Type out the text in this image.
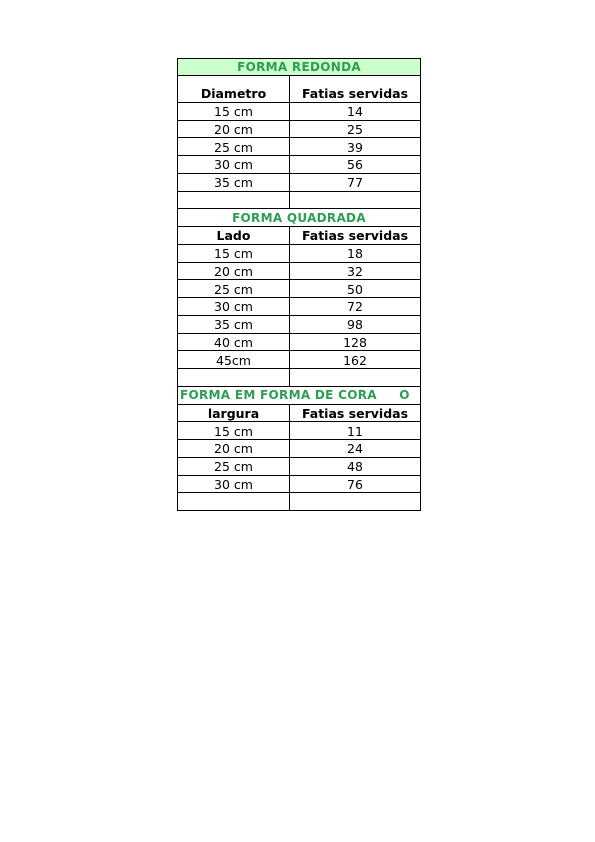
FORMA REDONDA
Diametro	Fatias servidas
15 cm	14
20 cm	25
25 cm	39
30 cm	56
35 cm	77
FORMA QUADRADA
Lado	Fatias servidas
15 cm	18
20 cm	32
25 cm	50
30 cm	72
35 cm	98
40 cm	128
45cm	162
FORMA EM FORMA DE CORA     O
largura	Fatias servidas
15 cm	11
20 cm	24
25 cm	48
30 cm	76
